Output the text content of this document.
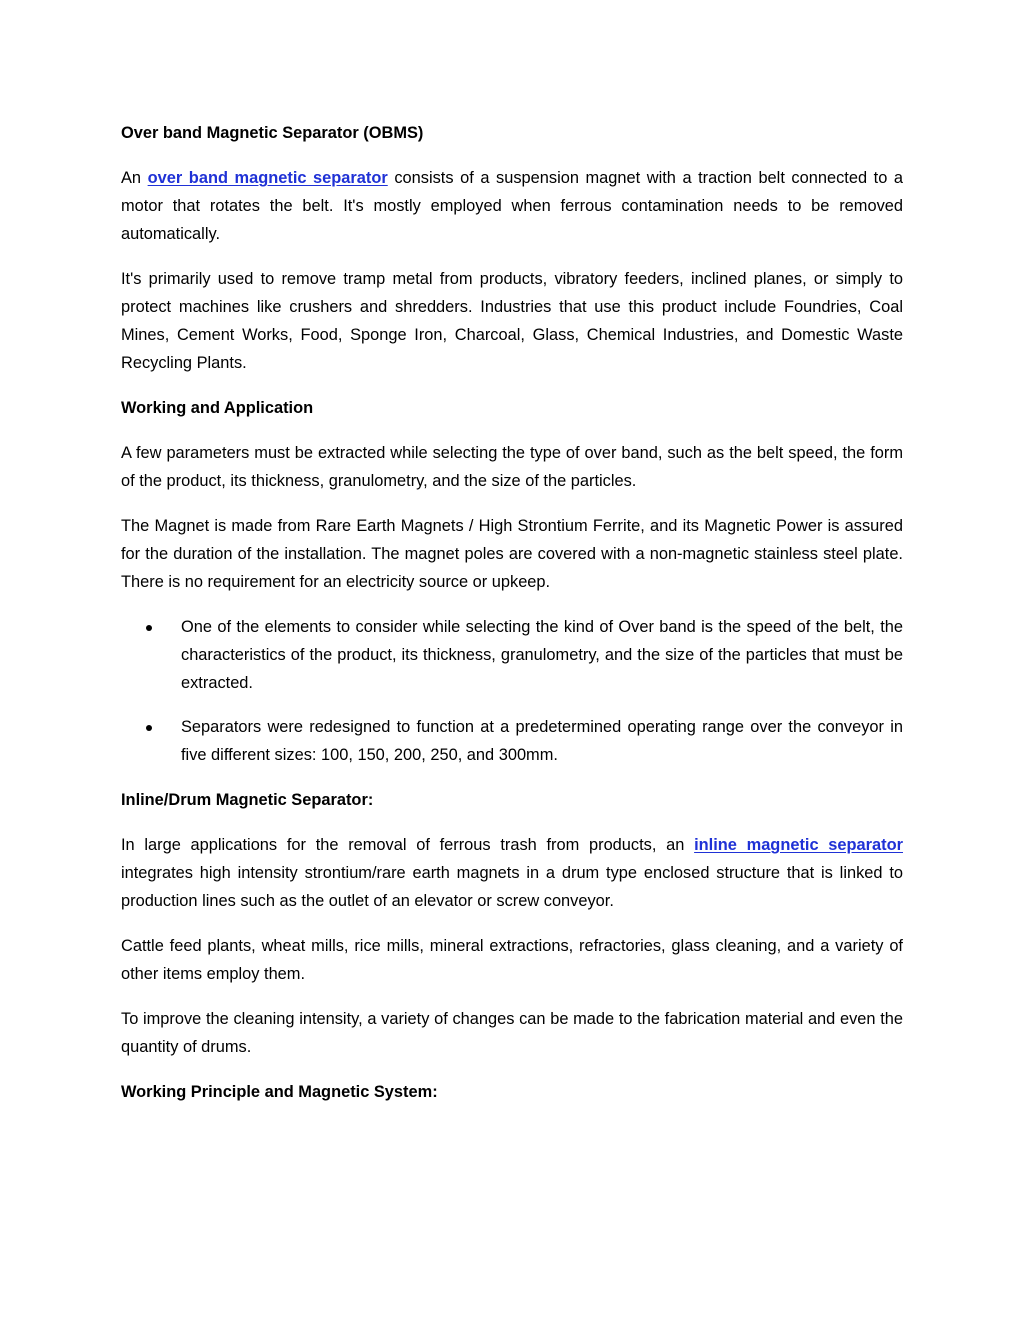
Over band Magnetic Separator (OBMS)

An over band magnetic separator consists of a suspension magnet with a traction belt connected to a motor that rotates the belt. It's mostly employed when ferrous contamination needs to be removed automatically.

It's primarily used to remove tramp metal from products, vibratory feeders, inclined planes, or simply to protect machines like crushers and shredders. Industries that use this product include Foundries, Coal Mines, Cement Works, Food, Sponge Iron, Charcoal, Glass, Chemical Industries, and Domestic Waste Recycling Plants.

Working and Application

A few parameters must be extracted while selecting the type of over band, such as the belt speed, the form of the product, its thickness, granulometry, and the size of the particles.

The Magnet is made from Rare Earth Magnets / High Strontium Ferrite, and its Magnetic Power is assured for the duration of the installation. The magnet poles are covered with a non-magnetic stainless steel plate. There is no requirement for an electricity source or upkeep.

One of the elements to consider while selecting the kind of Over band is the speed of the belt, the characteristics of the product, its thickness, granulometry, and the size of the particles that must be extracted.
Separators were redesigned to function at a predetermined operating range over the conveyor in five different sizes: 100, 150, 200, 250, and 300mm.

Inline/Drum Magnetic Separator:

In large applications for the removal of ferrous trash from products, an inline magnetic separator integrates high intensity strontium/rare earth magnets in a drum type enclosed structure that is linked to production lines such as the outlet of an elevator or screw conveyor.

Cattle feed plants, wheat mills, rice mills, mineral extractions, refractories, glass cleaning, and a variety of other items employ them.

To improve the cleaning intensity, a variety of changes can be made to the fabrication material and even the quantity of drums.

Working Principle and Magnetic System:
